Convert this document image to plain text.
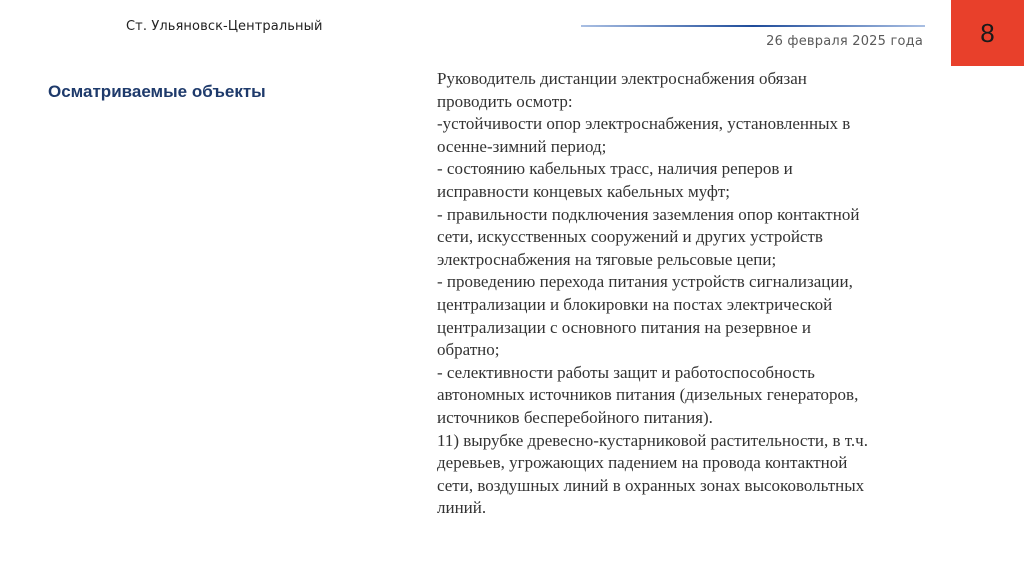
Ст. Ульяновск-Центральный
26 февраля 2025 года 8
Осматриваемые объекты
Руководитель дистанции электроснабжения обязан
проводить осмотр:
-устойчивости опор электроснабжения, установленных в
осенне-зимний период;
- состоянию кабельных трасс, наличия реперов и
исправности концевых кабельных муфт;
- правильности подключения заземления опор контактной
сети, искусственных сооружений и других устройств
электроснабжения на тяговые рельсовые цепи;
- проведению перехода питания устройств сигнализации,
централизации и блокировки на постах электрической
централизации с основного питания на резервное и
обратно;
- селективности работы защит и работоспособность
автономных источников питания (дизельных генераторов,
источников бесперебойного питания).
11) вырубке древесно-кустарниковой растительности, в т.ч.
деревьев, угрожающих падением на провода контактной
сети, воздушных линий в охранных зонах высоковольтных
линий.
